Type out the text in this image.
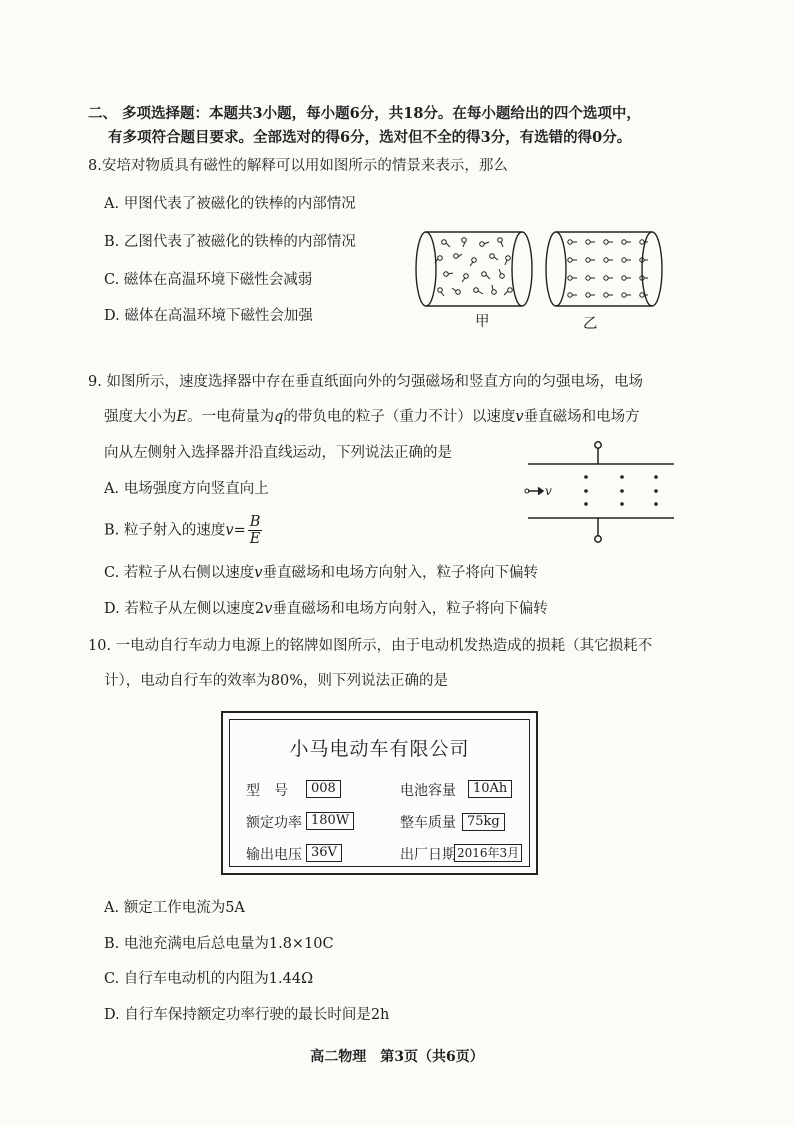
二、 多项选择题：本题共3小题，每小题6分，共18分。在每小题给出的四个选项中，
有多项符合题目要求。全部选对的得6分，选对但不全的得3分，有选错的得0分。
8.安培对物质具有磁性的解释可以用如图所示的情景来表示，那么
A. 甲图代表了被磁化的铁棒的内部情况
B. 乙图代表了被磁化的铁棒的内部情况
C. 磁体在高温环境下磁性会减弱
D. 磁体在高温环境下磁性会加强	甲	乙
9. 如图所示，速度选择器中存在垂直纸面向外的匀强磁场和竖直方向的匀强电场，电场
强度大小为E。一电荷量为q的带负电的粒子（重力不计）以速度v垂直磁场和电场方
向从左侧射入选择器并沿直线运动，下列说法正确的是
A. 电场强度方向竖直向上
B. 粒子射入的速度$v= \frac{B}{E}$
C. 若粒子从右侧以速度v垂直磁场和电场方向射入，粒子将向下偏转
D. 若粒子从左侧以速度2v垂直磁场和电场方向射入，粒子将向下偏转
v
10. 一电动自行车动力电源上的铭牌如图所示，由于电动机发热造成的损耗（其它损耗不
计），电动自行车的效率为80%，则下列说法正确的是
小马电动车有限公司
型　号	008	电池容量	10Ah
额定功率 180W	整车质量 75kg
输出电压 36V	出厂日期 2016年3月
A. 额定工作电流为5A
B. 电池充满电后总电量为1.8×10C
C. 自行车电动机的内阻为1.44Ω
D. 自行车保持额定功率行驶的最长时间是2h
高二物理　第3页（共6页）
